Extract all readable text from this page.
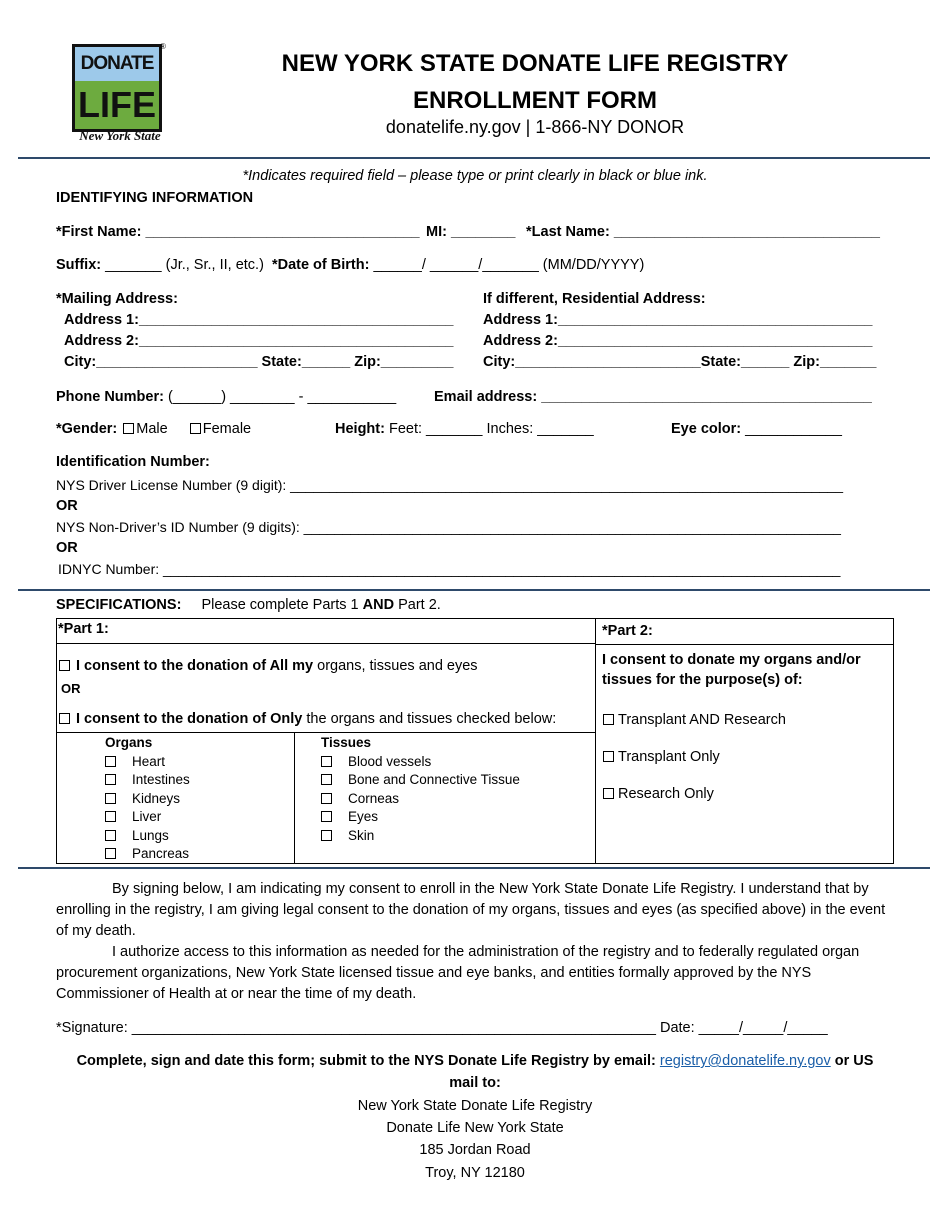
DONATE
LIFE
®
New York State
NEW YORK STATE DONATE LIFE REGISTRY
ENROLLMENT FORM
donatelife.ny.gov | 1-866-NY DONOR
*Indicates required field – please type or print clearly in black or blue ink.
IDENTIFYING INFORMATION
*First Name: __________________________________ MI: ________ *Last Name: _________________________________
Suffix: _______ (Jr., Sr., II, etc.) *Date of Birth: ______/ ______/_______ (MM/DD/YYYY)
*Mailing Address:
Address 1:_______________________________________
Address 2:_______________________________________
City:____________________ State:______ Zip:_________
If different, Residential Address:
Address 1:_______________________________________
Address 2:_______________________________________
City:_______________________State:______ Zip:_______
Phone Number: (______) ________ - ___________	Email address: _________________________________________
*Gender: Male Female	Height: Feet: _______ Inches: _______	Eye color: ____________
Identification Number:
NYS Driver License Number (9 digit): _______________________________________________________________________
OR
NYS Non-Driver’s ID Number (9 digits): _____________________________________________________________________
OR
IDNYC Number: _______________________________________________________________________________________
SPECIFICATIONS: Please complete Parts 1 AND Part 2.
*Part 1:
I consent to the donation of All my organs, tissues and eyes
OR
I consent to the donation of Only the organs and tissues checked below:
Organs
Heart
Intestines
Kidneys
Liver
Lungs
Pancreas
Tissues
Blood vessels
Bone and Connective Tissue
Corneas
Eyes
Skin
*Part 2:
I consent to donate my organs and/or
tissues for the purpose(s) of:
Transplant AND Research
Transplant Only
Research Only
By signing below, I am indicating my consent to enroll in the New York State Donate Life Registry. I understand that by enrolling in the registry, I am giving legal consent to the donation of my organs, tissues and eyes (as specified above) in the event of my death.
I authorize access to this information as needed for the administration of the registry and to federally regulated organ procurement organizations, New York State licensed tissue and eye banks, and entities formally approved by the NYS Commissioner of Health at or near the time of my death.
*Signature: _________________________________________________________________ Date: _____/_____/_____
Complete, sign and date this form; submit to the NYS Donate Life Registry by email: registry@donatelife.ny.gov or US
mail to:
New York State Donate Life Registry
Donate Life New York State
185 Jordan Road
Troy, NY 12180
